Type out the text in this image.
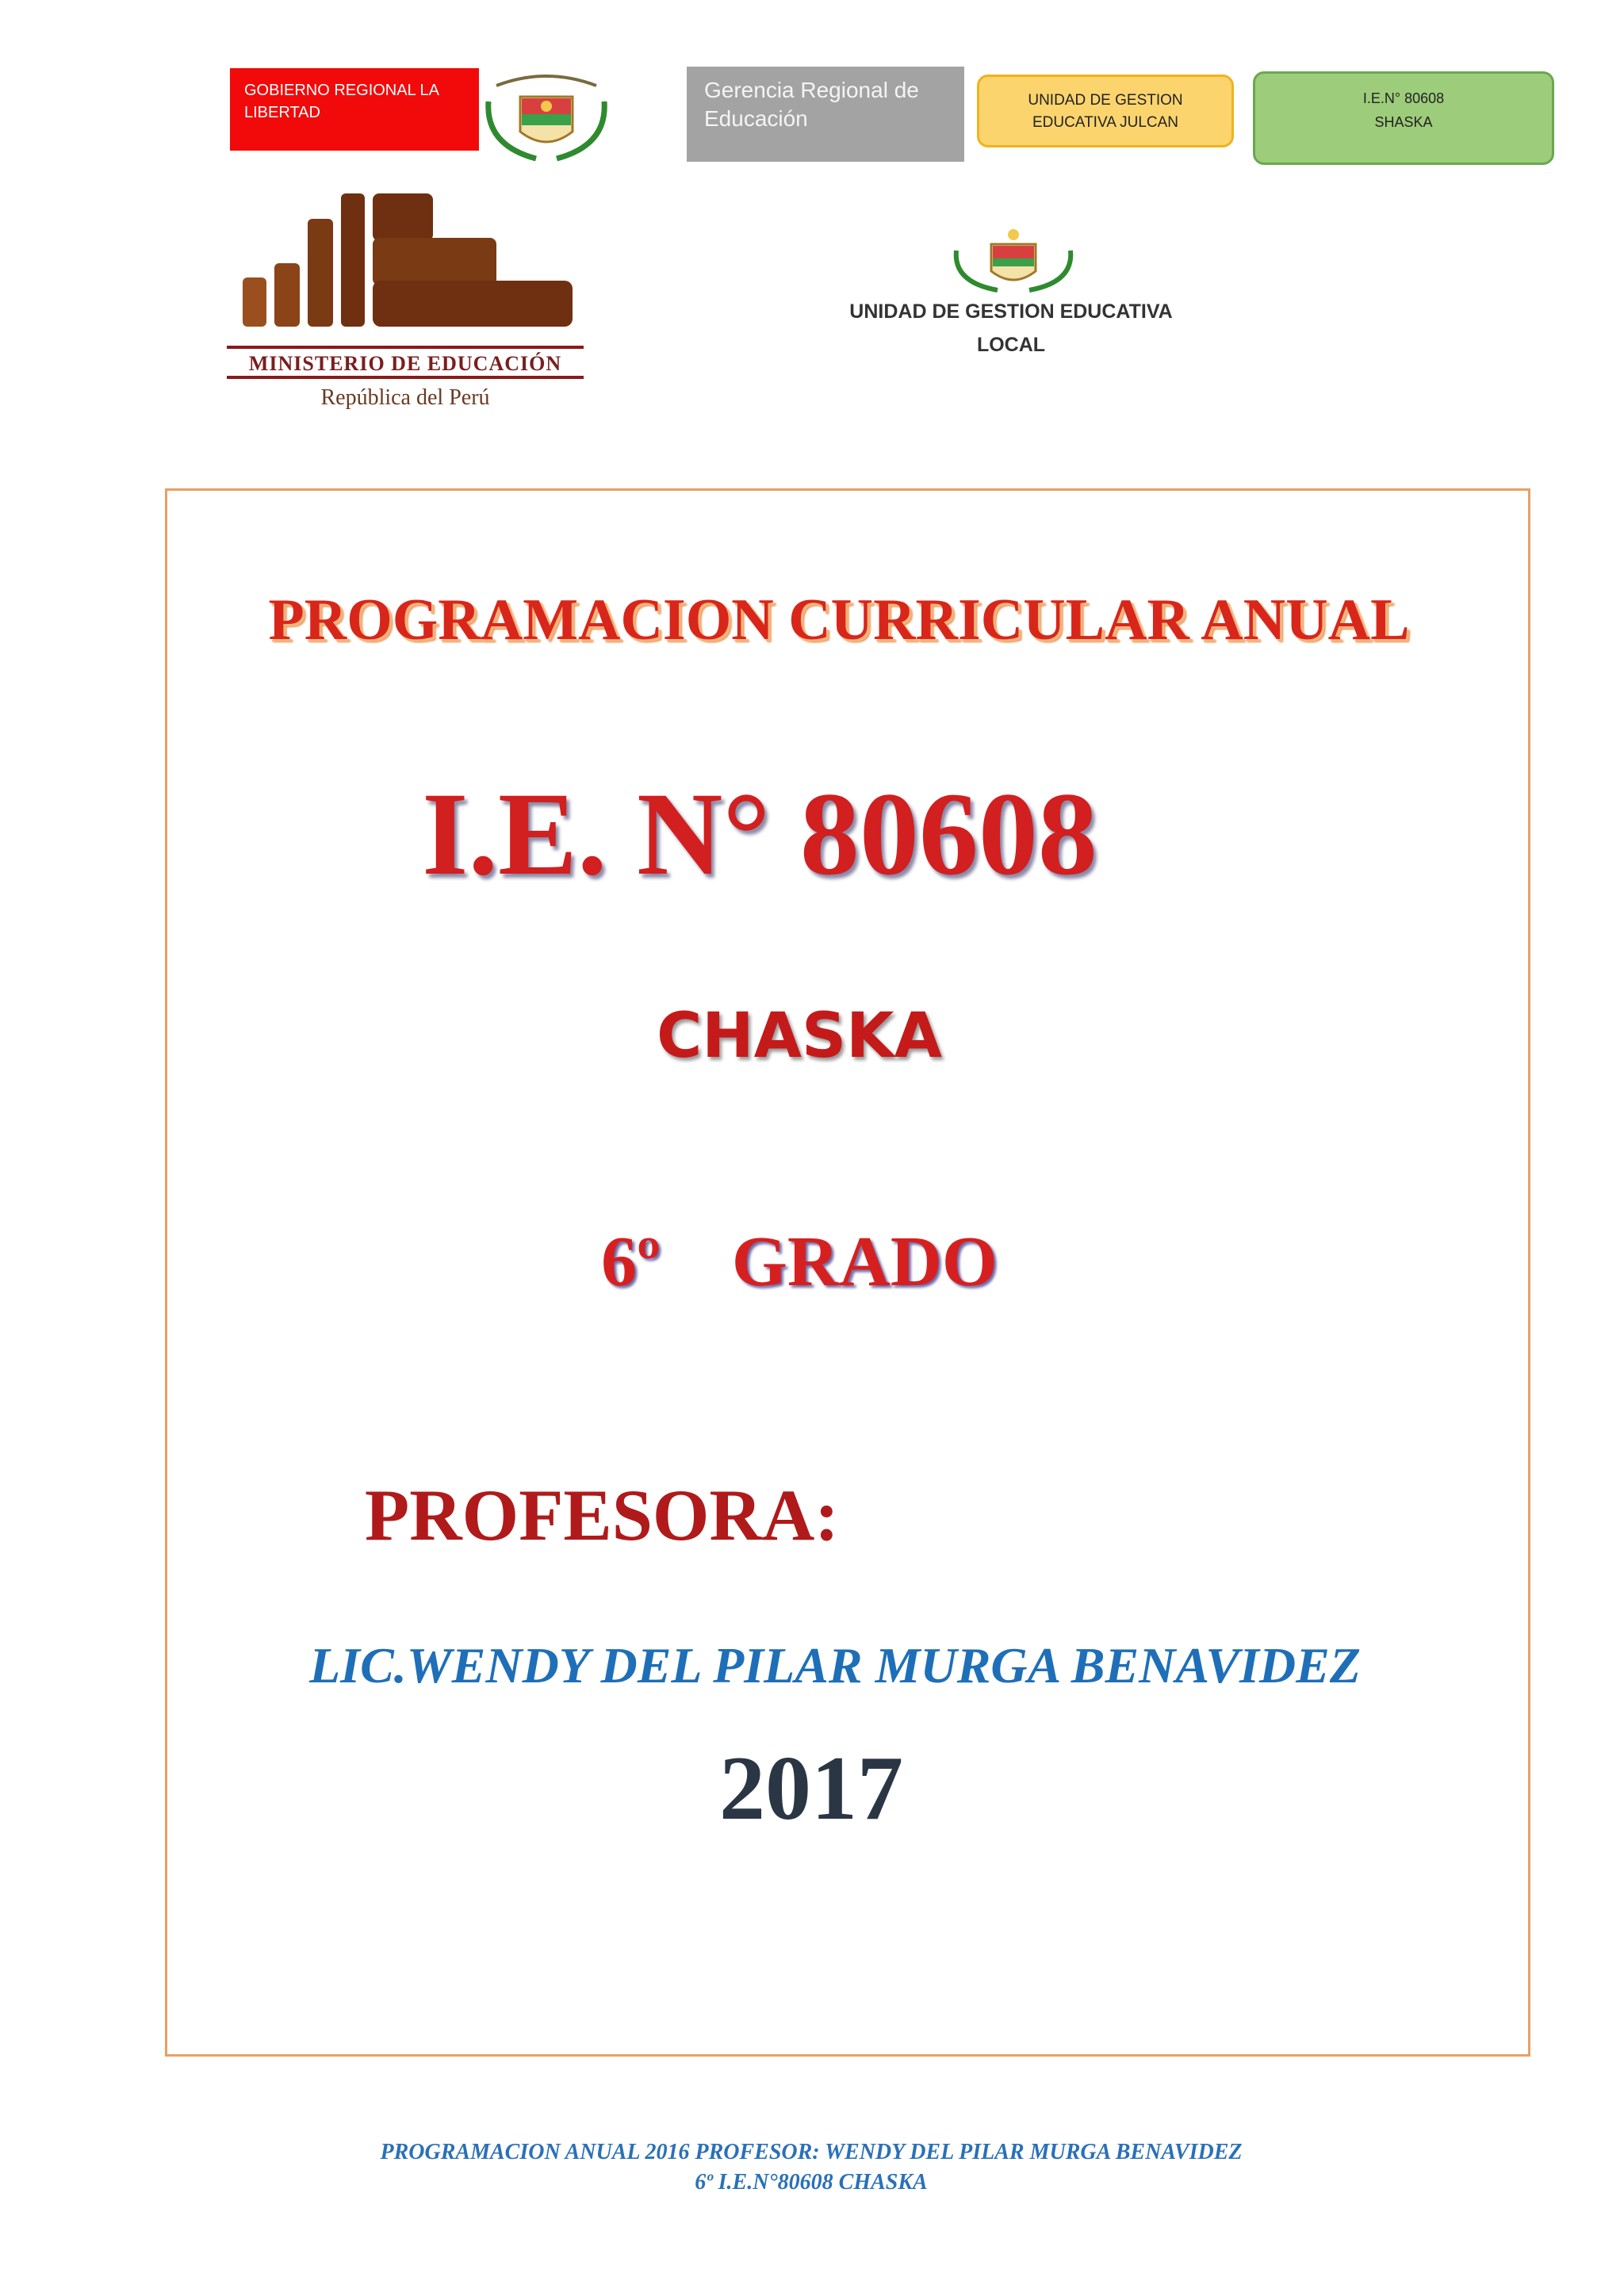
GOBIERNO REGIONAL LA LIBERTAD
Gerencia Regional de Educación
UNIDAD DE GESTION
EDUCATIVA JULCAN
I.E.N° 80608
SHASKA
MINISTERIO DE EDUCACIÓN
República del Perú
UNIDAD DE GESTION EDUCATIVA
LOCAL
PROGRAMACION CURRICULAR ANUAL
I.E. N° 80608
CHASKA
6º GRADO
PROFESORA:
LIC.WENDY DEL PILAR MURGA BENAVIDEZ
2017
PROGRAMACION ANUAL 2016 PROFESOR: WENDY DEL PILAR MURGA BENAVIDEZ
6º I.E.N°80608 CHASKA
